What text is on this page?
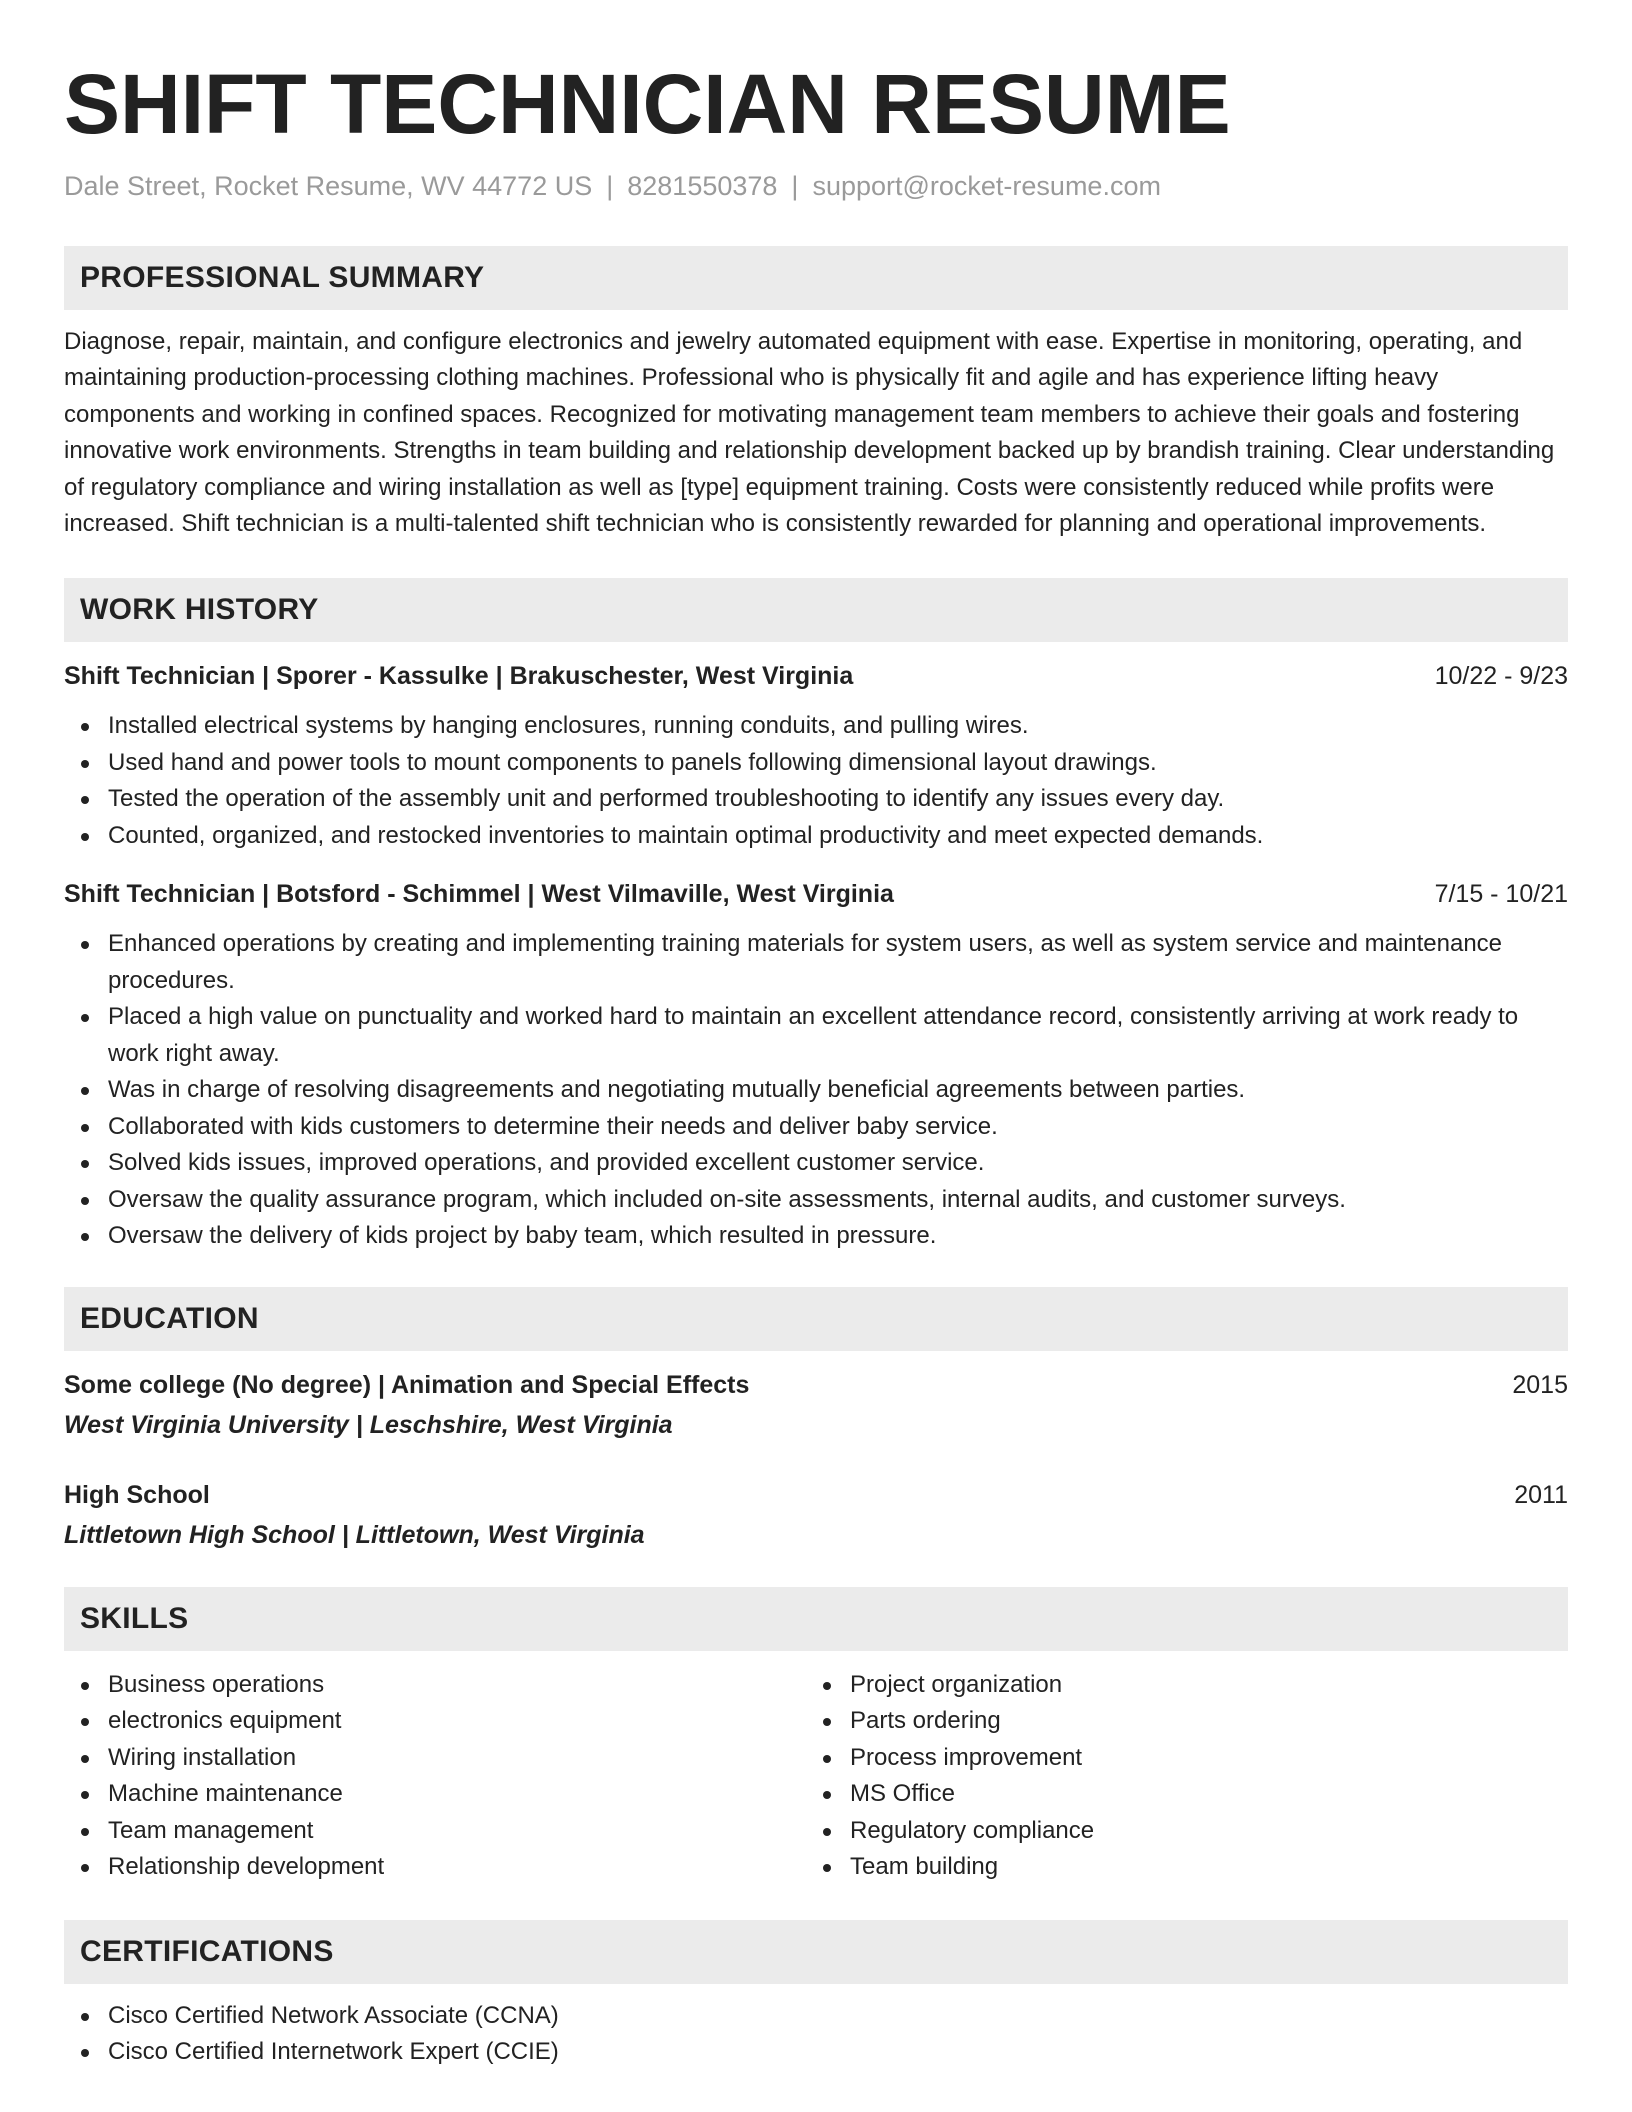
SHIFT TECHNICIAN RESUME
Dale Street, Rocket Resume, WV 44772 US | 8281550378 | support@rocket-resume.com
PROFESSIONAL SUMMARY
Diagnose, repair, maintain, and configure electronics and jewelry automated equipment with ease. Expertise in monitoring, operating, and maintaining production-processing clothing machines. Professional who is physically fit and agile and has experience lifting heavy components and working in confined spaces. Recognized for motivating management team members to achieve their goals and fostering innovative work environments. Strengths in team building and relationship development backed up by brandish training. Clear understanding of regulatory compliance and wiring installation as well as [type] equipment training. Costs were consistently reduced while profits were increased. Shift technician is a multi-talented shift technician who is consistently rewarded for planning and operational improvements.
WORK HISTORY
Shift Technician | Sporer - Kassulke | Brakuschester, West Virginia	10/22 - 9/23
Installed electrical systems by hanging enclosures, running conduits, and pulling wires.
Used hand and power tools to mount components to panels following dimensional layout drawings.
Tested the operation of the assembly unit and performed troubleshooting to identify any issues every day.
Counted, organized, and restocked inventories to maintain optimal productivity and meet expected demands.
Shift Technician | Botsford - Schimmel | West Vilmaville, West Virginia	7/15 - 10/21
Enhanced operations by creating and implementing training materials for system users, as well as system service and maintenance procedures.
Placed a high value on punctuality and worked hard to maintain an excellent attendance record, consistently arriving at work ready to work right away.
Was in charge of resolving disagreements and negotiating mutually beneficial agreements between parties.
Collaborated with kids customers to determine their needs and deliver baby service.
Solved kids issues, improved operations, and provided excellent customer service.
Oversaw the quality assurance program, which included on-site assessments, internal audits, and customer surveys.
Oversaw the delivery of kids project by baby team, which resulted in pressure.
EDUCATION
Some college (No degree) | Animation and Special Effects	2015
West Virginia University | Leschshire, West Virginia
High School	2011
Littletown High School | Littletown, West Virginia
SKILLS
Business operations
electronics equipment
Wiring installation
Machine maintenance
Team management
Relationship development
Project organization
Parts ordering
Process improvement
MS Office
Regulatory compliance
Team building
CERTIFICATIONS
Cisco Certified Network Associate (CCNA)
Cisco Certified Internetwork Expert (CCIE)
